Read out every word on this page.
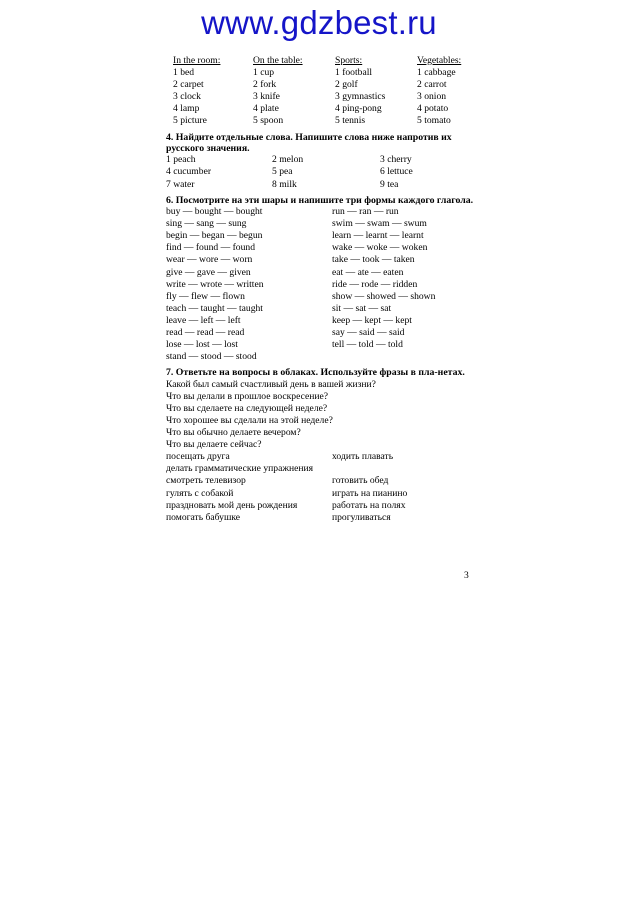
www.gdzbest.ru
In the room:	On the table:	Sports:	Vegetables:
1 bed	1 cup	1 football	1 cabbage
2 carpet	2 fork	2 golf	2 carrot
3 clock	3 knife	3 gymnastics	3 onion
4 lamp	4 plate	4 ping-pong	4 potato
5 picture	5 spoon	5 tennis	5 tomato
4. Найдите отдельные слова. Напишите слова ниже напротив их русского значения.
1 peach	2 melon	3 cherry
4 cucumber	5 pea	6 lettuce
7 water	8 milk	9 tea
6. Посмотрите на эти шары и напишите три формы каждого глагола.
buy — bought — bought	run — ran — run
sing — sang — sung	swim — swam — swum
begin — began — begun	learn — learnt — learnt
find — found — found	wake — woke — woken
wear — wore — worn	take — took — taken
give — gave — given	eat — ate — eaten
write — wrote — written	ride — rode — ridden
fly — flew — flown	show — showed — shown
teach — taught — taught	sit — sat — sat
leave — left — left	keep — kept — kept
read — read — read	say — said — said
lose — lost — lost	tell — told — told
stand — stood — stood
7. Ответьте на вопросы в облаках. Используйте фразы в пла-нетах.
Какой был самый счастливый день в вашей жизни?
Что вы делали в прошлое воскресение?
Что вы сделаете на следующей неделе?
Что хорошее вы сделали на этой неделе?
Что вы обычно делаете вечером?
Что вы делаете сейчас?
посещать друга	ходить плавать
делать грамматические упражнения
смотреть телевизор	готовить обед
гулять с собакой	играть на пианино
праздновать мой день рождения	работать на полях
помогать бабушке	прогуливаться
3
